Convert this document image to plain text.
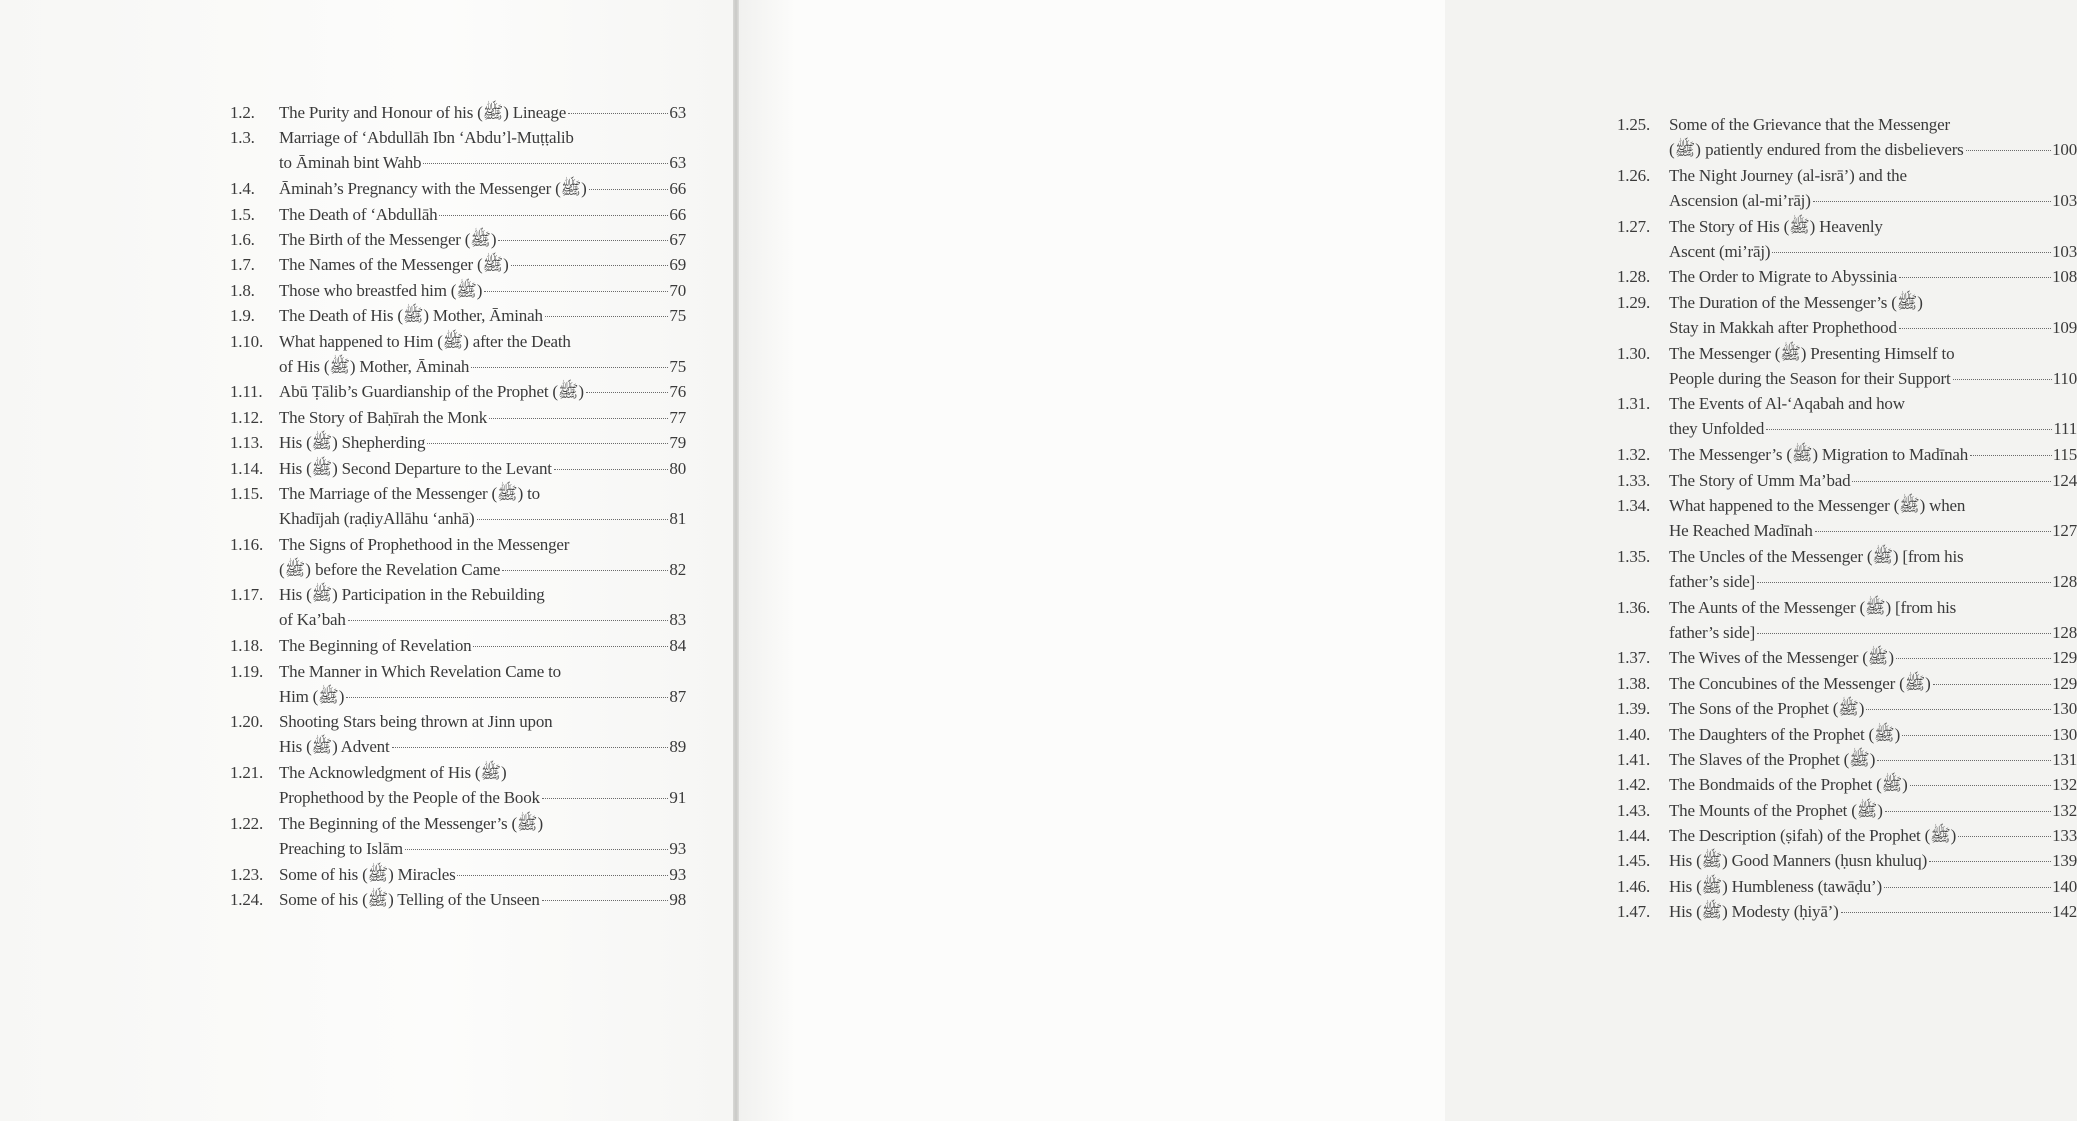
1.2.	The Purity and Honour of his (ﷺ) Lineage	63
1.3.	Marriage of ‘Abdullāh Ibn ‘Abdu’l-Muṭṭalib
to Āminah bint Wahb	63
1.4.	Āminah’s Pregnancy with the Messenger (ﷺ)	66
1.5.	The Death of ‘Abdullāh	66
1.6.	The Birth of the Messenger (ﷺ)	67
1.7.	The Names of the Messenger (ﷺ)	69
1.8.	Those who breastfed him (ﷺ)	70
1.9.	The Death of His (ﷺ) Mother, Āminah	75
1.10. What happened to Him (ﷺ) after the Death
of His (ﷺ) Mother, Āminah	75
1.11. Abū Ṭālib’s Guardianship of the Prophet (ﷺ)	76
1.12. The Story of Baḥīrah the Monk	77
1.13. His (ﷺ) Shepherding	79
1.14. His (ﷺ) Second Departure to the Levant	80
1.15. The Marriage of the Messenger (ﷺ) to
Khadījah (raḍiyAllāhu ‘anhā)	81
1.16. The Signs of Prophethood in the Messenger
(ﷺ) before the Revelation Came	82
1.17. His (ﷺ) Participation in the Rebuilding
of Ka’bah	83
1.18. The Beginning of Revelation	84
1.19. The Manner in Which Revelation Came to
Him (ﷺ)	87
1.20. Shooting Stars being thrown at Jinn upon
His (ﷺ) Advent	89
1.21. The Acknowledgment of His (ﷺ)
Prophethood by the People of the Book	91
1.22. The Beginning of the Messenger’s (ﷺ)
Preaching to Islām	93
1.23. Some of his (ﷺ) Miracles	93
1.24. Some of his (ﷺ) Telling of the Unseen	98
1.25.	Some of the Grievance that the Messenger
(ﷺ) patiently endured from the disbelievers	100
1.26.	The Night Journey (al-isrā’) and the
Ascension (al-mi’rāj)	103
1.27.	The Story of His (ﷺ) Heavenly
Ascent (mi’rāj)	103
1.28.	The Order to Migrate to Abyssinia	108
1.29.	The Duration of the Messenger’s (ﷺ)
Stay in Makkah after Prophethood	109
1.30.	The Messenger (ﷺ) Presenting Himself to
People during the Season for their Support	110
1.31.	The Events of Al-‘Aqabah and how
they Unfolded	111
1.32.	The Messenger’s (ﷺ) Migration to Madīnah	115
1.33.	The Story of Umm Ma’bad	124
1.34.	What happened to the Messenger (ﷺ) when
He Reached Madīnah	127
1.35.	The Uncles of the Messenger (ﷺ) [from his
father’s side]	128
1.36.	The Aunts of the Messenger (ﷺ) [from his
father’s side]	128
1.37.	The Wives of the Messenger (ﷺ)	129
1.38.	The Concubines of the Messenger (ﷺ)	129
1.39.	The Sons of the Prophet (ﷺ)	130
1.40.	The Daughters of the Prophet (ﷺ)	130
1.41.	The Slaves of the Prophet (ﷺ)	131
1.42.	The Bondmaids of the Prophet (ﷺ)	132
1.43.	The Mounts of the Prophet (ﷺ)	132
1.44.	The Description (ṣifah) of the Prophet (ﷺ)	133
1.45.	His (ﷺ) Good Manners (ḥusn khuluq)	139
1.46.	His (ﷺ) Humbleness (tawāḍu’)	140
1.47.	His (ﷺ) Modesty (ḥiyā’)	142
